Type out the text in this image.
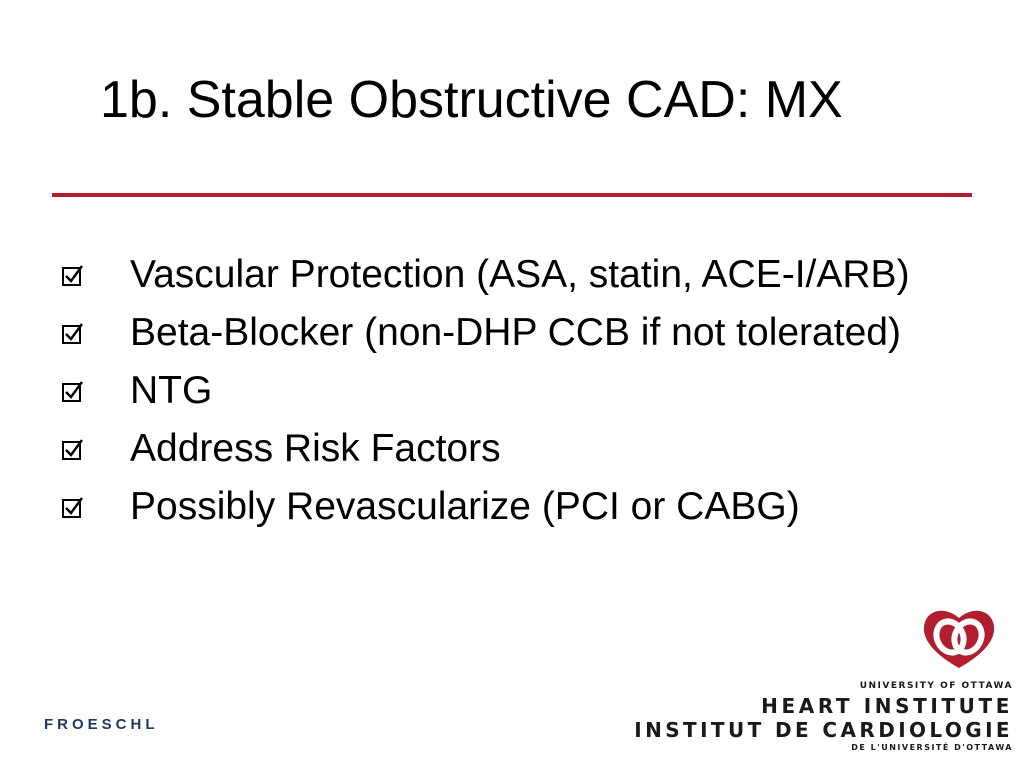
1b. Stable Obstructive CAD: MX
Vascular Protection (ASA, statin, ACE-I/ARB)
Beta-Blocker (non-DHP CCB if not tolerated)
NTG
Address Risk Factors
Possibly Revascularize (PCI or CABG)
FROESCHL
UNIVERSITY OF OTTAWA
HEART INSTITUTE
INSTITUT DE CARDIOLOGIE
DE L'UNIVERSITÉ D'OTTAWA
